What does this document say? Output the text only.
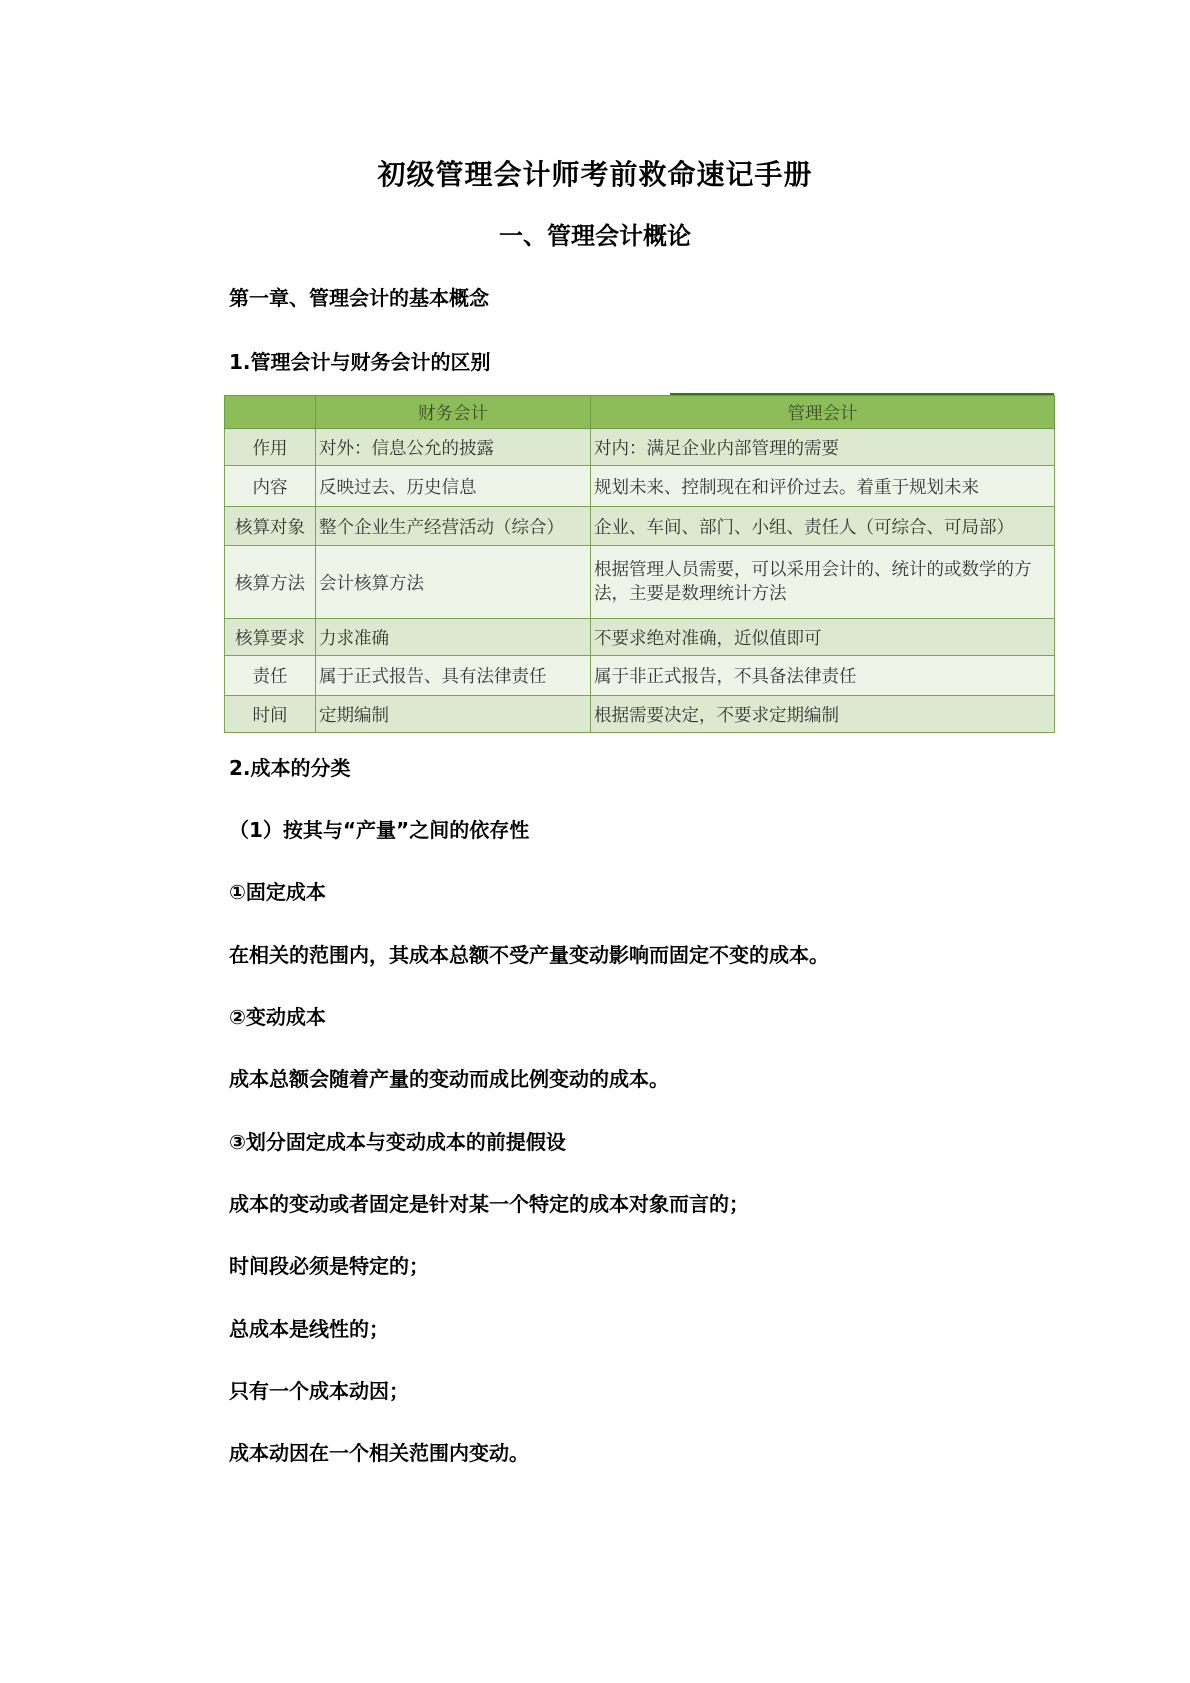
初级管理会计师考前救命速记手册
一、管理会计概论
第一章、管理会计的基本概念
1.管理会计与财务会计的区别
	财务会计	管理会计
作用	对外：信息公允的披露	对内：满足企业内部管理的需要
内容	反映过去、历史信息	规划未来、控制现在和评价过去。着重于规划未来
核算对象	整个企业生产经营活动（综合）	企业、车间、部门、小组、责任人（可综合、可局部）
核算方法	会计核算方法	根据管理人员需要，可以采用会计的、统计的或数学的方法，主要是数理统计方法
核算要求	力求准确	不要求绝对准确，近似值即可
责任	属于正式报告、具有法律责任	属于非正式报告，不具备法律责任
时间	定期编制	根据需要决定，不要求定期编制
2.成本的分类
（1）按其与“产量”之间的依存性
①固定成本
在相关的范围内，其成本总额不受产量变动影响而固定不变的成本。
②变动成本
成本总额会随着产量的变动而成比例变动的成本。
③划分固定成本与变动成本的前提假设
成本的变动或者固定是针对某一个特定的成本对象而言的；
时间段必须是特定的；
总成本是线性的；
只有一个成本动因；
成本动因在一个相关范围内变动。
